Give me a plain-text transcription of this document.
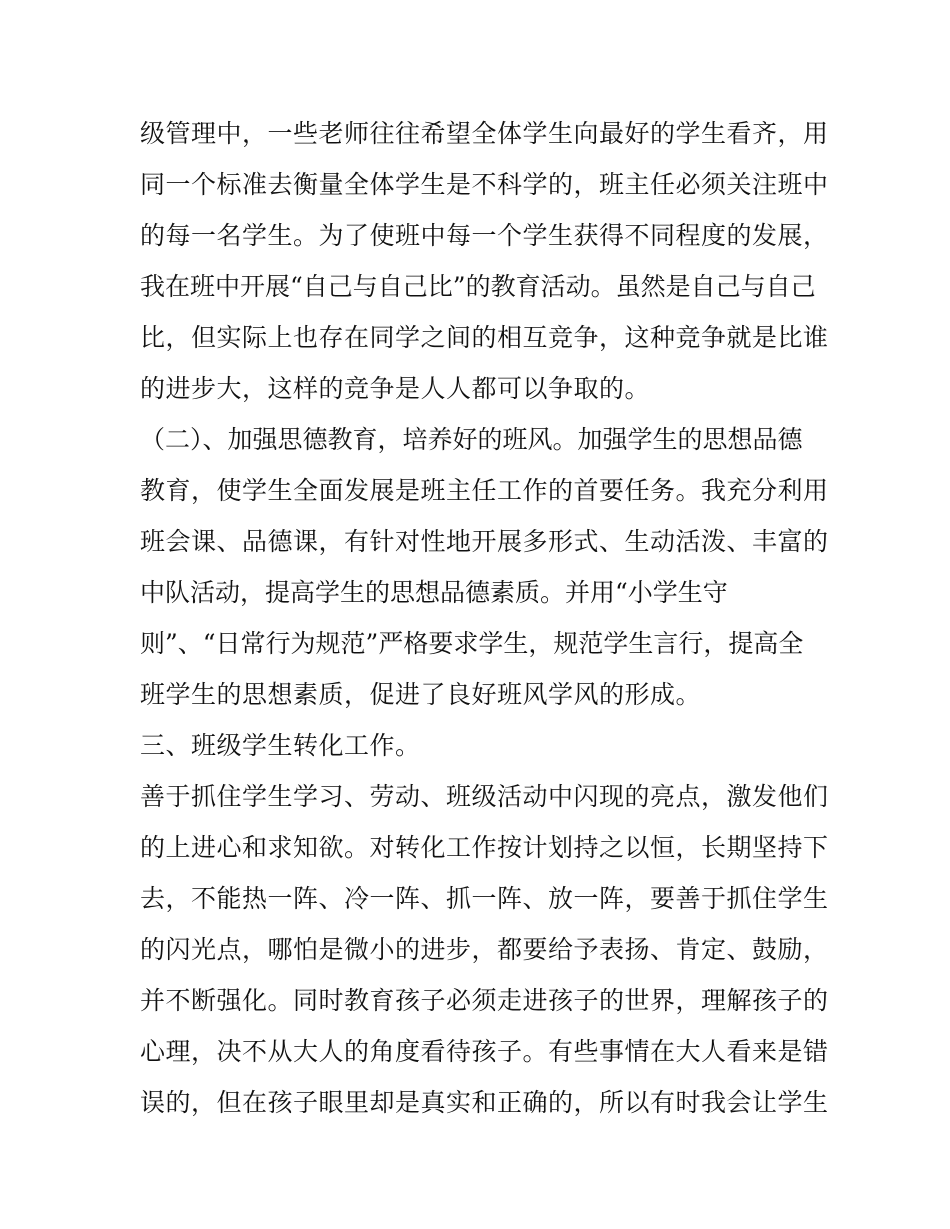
级管理中，一些老师往往希望全体学生向最好的学生看齐，用
同一个标准去衡量全体学生是不科学的，班主任必须关注班中
的每一名学生。为了使班中每一个学生获得不同程度的发展，
我在班中开展“自己与自己比”的教育活动。虽然是自己与自己
比，但实际上也存在同学之间的相互竞争，这种竞争就是比谁
的进步大，这样的竞争是人人都可以争取的。
（二）、加强思德教育，培养好的班风。加强学生的思想品德
教育，使学生全面发展是班主任工作的首要任务。我充分利用
班会课、品德课，有针对性地开展多形式、生动活泼、丰富的
中队活动，提高学生的思想品德素质。并用“小学生守
则”、“日常行为规范”严格要求学生，规范学生言行，提高全
班学生的思想素质，促进了良好班风学风的形成。
三、班级学生转化工作。
善于抓住学生学习、劳动、班级活动中闪现的亮点，激发他们
的上进心和求知欲。对转化工作按计划持之以恒，长期坚持下
去，不能热一阵、冷一阵、抓一阵、放一阵，要善于抓住学生
的闪光点，哪怕是微小的进步，都要给予表扬、肯定、鼓励，
并不断强化。同时教育孩子必须走进孩子的世界，理解孩子的
心理，决不从大人的角度看待孩子。有些事情在大人看来是错
误的，但在孩子眼里却是真实和正确的，所以有时我会让学生
